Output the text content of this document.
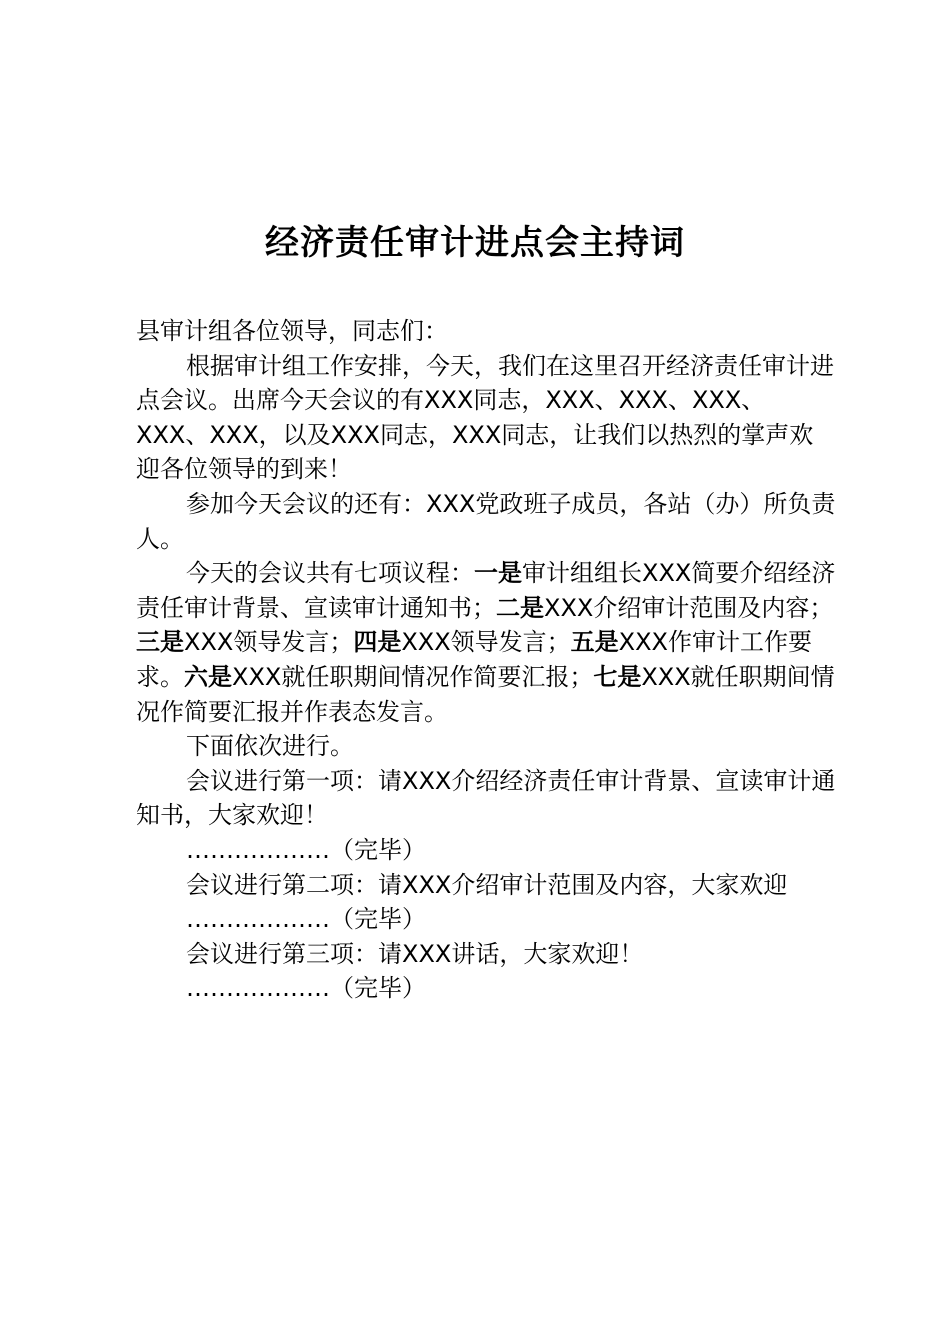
经济责任审计进点会主持词

县审计组各位领导，同志们：

根据审计组工作安排，今天，我们在这里召开经济责任审计进点会议。出席今天会议的有XXX同志，XXX、XXX、XXX、XXX、XXX，以及XXX同志，XXX同志，让我们以热烈的掌声欢迎各位领导的到来！

参加今天会议的还有：XXX党政班子成员，各站（办）所负责人。

今天的会议共有七项议程：一是审计组组长XXX简要介绍经济责任审计背景、宣读审计通知书；二是XXX介绍审计范围及内容；三是XXX领导发言；四是XXX领导发言；五是XXX作审计工作要求。六是XXX就任职期间情况作简要汇报；七是XXX就任职期间情况作简要汇报并作表态发言。

下面依次进行。

会议进行第一项：请XXX介绍经济责任审计背景、宣读审计通知书，大家欢迎！

………………（完毕）

会议进行第二项：请XXX介绍审计范围及内容，大家欢迎

………………（完毕）

会议进行第三项：请XXX讲话，大家欢迎！

………………（完毕）
